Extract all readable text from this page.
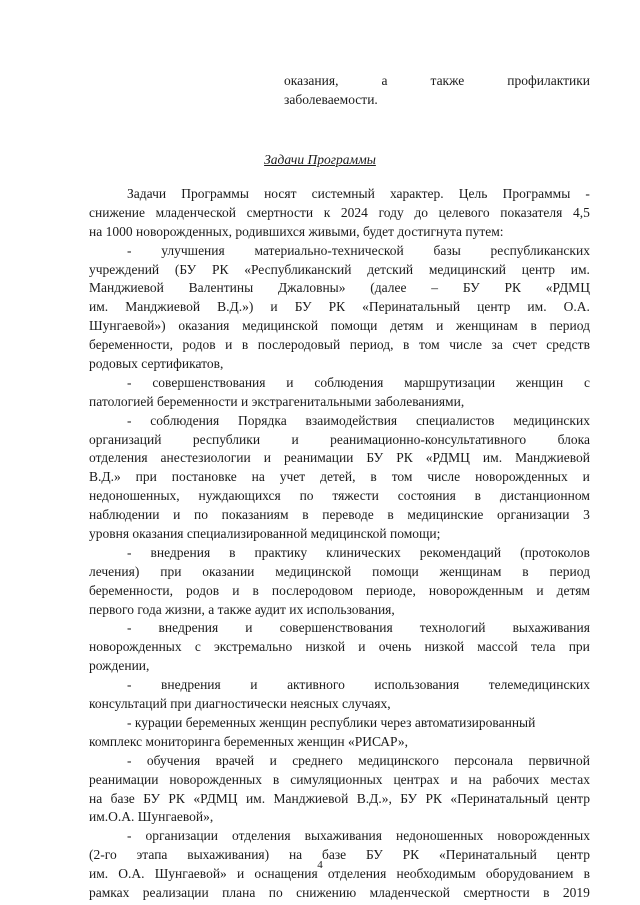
оказания,	а	также	профилактики
заболеваемости.
Задачи Программы
Задачи Программы носят системный характер. Цель Программы -
снижение младенческой смертности к 2024 году до целевого показателя 4,5
на 1000 новорожденных, родившихся живыми, будет достигнута путем:
- улучшения материально-технической базы республиканских
учреждений (БУ РК «Республиканский детский медицинский центр им.
Манджиевой Валентины Джаловны» (далее – БУ РК «РДМЦ
им. Манджиевой В.Д.») и БУ РК «Перинатальный центр им. О.А.
Шунгаевой») оказания медицинской помощи детям и женщинам в период
беременности, родов и в послеродовый период, в том числе за счет средств
родовых сертификатов,
- совершенствования и соблюдения маршрутизации женщин с
патологией беременности и экстрагенитальными заболеваниями,
- соблюдения Порядка взаимодействия специалистов медицинских
организаций республики и реанимационно-консультативного блока
отделения анестезиологии и реанимации БУ РК «РДМЦ им. Манджиевой
В.Д.» при постановке на учет детей, в том числе новорожденных и
недоношенных, нуждающихся по тяжести состояния в дистанционном
наблюдении и по показаниям в переводе в медицинские организации 3
уровня оказания специализированной медицинской помощи;
- внедрения в практику клинических рекомендаций (протоколов
лечения) при оказании медицинской помощи женщинам в период
беременности, родов и в послеродовом периоде, новорожденным и детям
первого года жизни, а также аудит их использования,
- внедрения и совершенствования технологий выхаживания
новорожденных с экстремально низкой и очень низкой массой тела при
рождении,
- внедрения и активного использования телемедицинских
консультаций при диагностически неясных случаях,
- курации беременных женщин республики через автоматизированный
комплекс мониторинга беременных женщин «РИСАР»,
- обучения врачей и среднего медицинского персонала первичной
реанимации новорожденных в симуляционных центрах и на рабочих местах
на базе БУ РК «РДМЦ им. Манджиевой В.Д.», БУ РК «Перинатальный центр
им.О.А. Шунгаевой»,
- организации отделения выхаживания недоношенных новорожденных
(2-го этапа выхаживания) на базе БУ РК «Перинатальный центр
им. О.А. Шунгаевой» и оснащения отделения необходимым оборудованием в
рамках реализации плана по снижению младенческой смертности в 2019
4
